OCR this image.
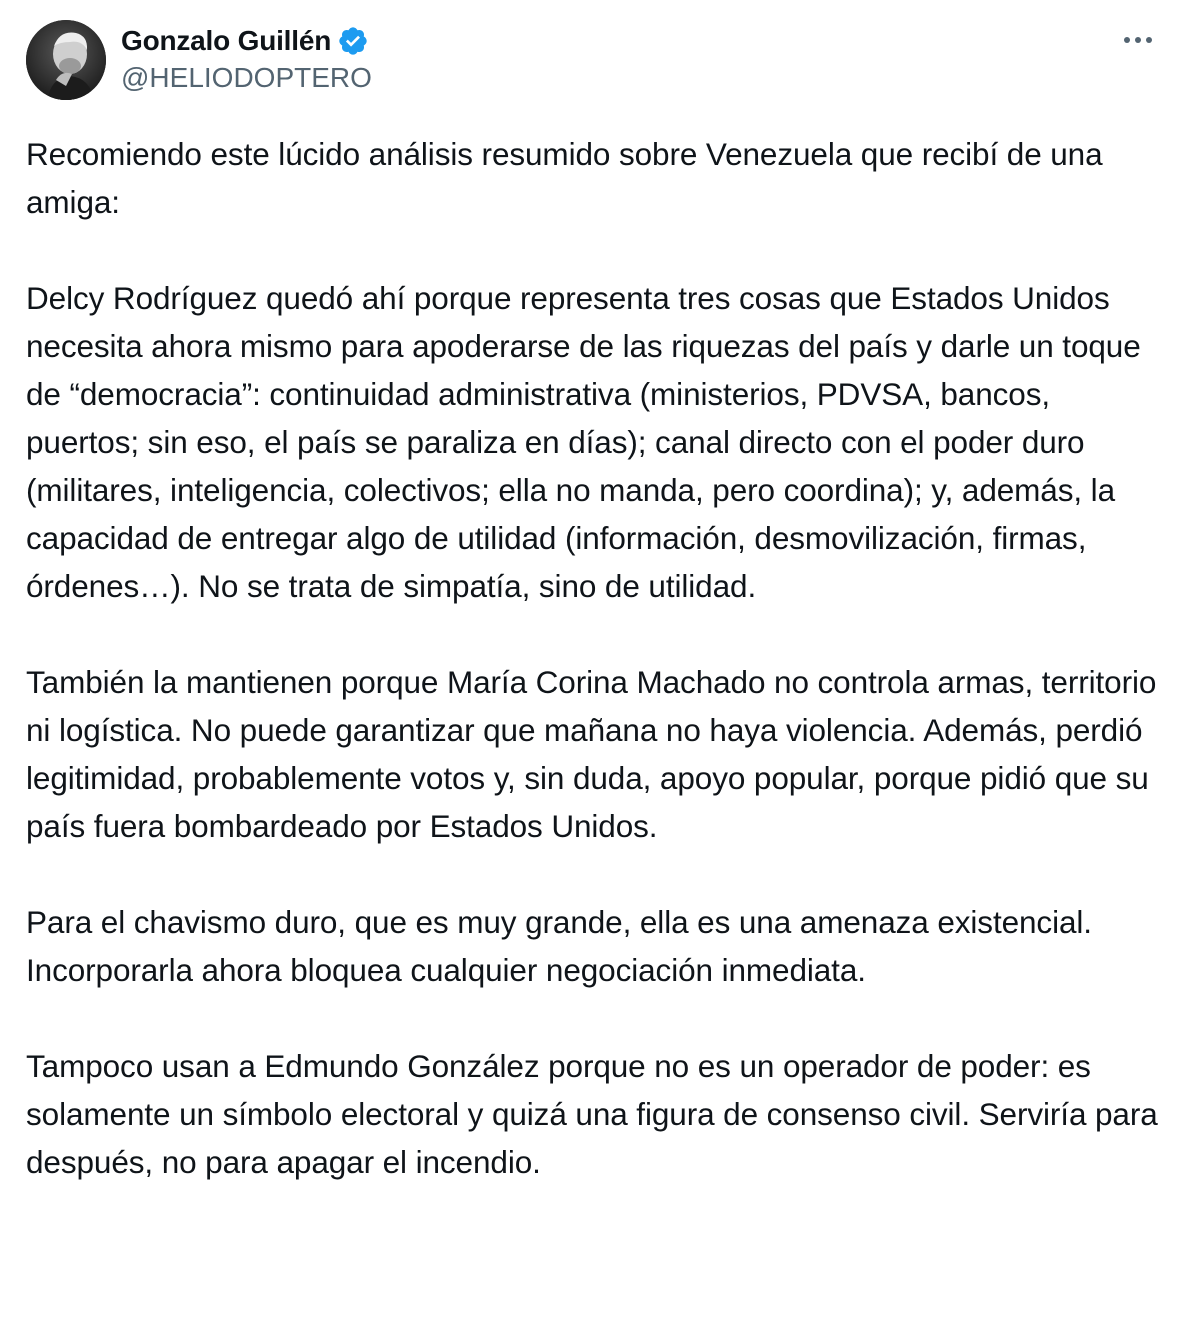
Gonzalo Guillén
@HELIODOPTERO

Recomiendo este lúcido análisis resumido sobre Venezuela que recibí de una amiga:

Delcy Rodríguez quedó ahí porque representa tres cosas que Estados Unidos necesita ahora mismo para apoderarse de las riquezas del país y darle un toque de “democracia”: continuidad administrativa (ministerios, PDVSA, bancos, puertos; sin eso, el país se paraliza en días); canal directo con el poder duro (militares, inteligencia, colectivos; ella no manda, pero coordina); y, además, la capacidad de entregar algo de utilidad (información, desmovilización, firmas, órdenes…). No se trata de simpatía, sino de utilidad.

También la mantienen porque María Corina Machado no controla armas, territorio ni logística. No puede garantizar que mañana no haya violencia. Además, perdió legitimidad, probablemente votos y, sin duda, apoyo popular, porque pidió que su país fuera bombardeado por Estados Unidos.

Para el chavismo duro, que es muy grande, ella es una amenaza existencial. Incorporarla ahora bloquea cualquier negociación inmediata.

Tampoco usan a Edmundo González porque no es un operador de poder: es solamente un símbolo electoral y quizá una figura de consenso civil. Serviría para después, no para apagar el incendio.
